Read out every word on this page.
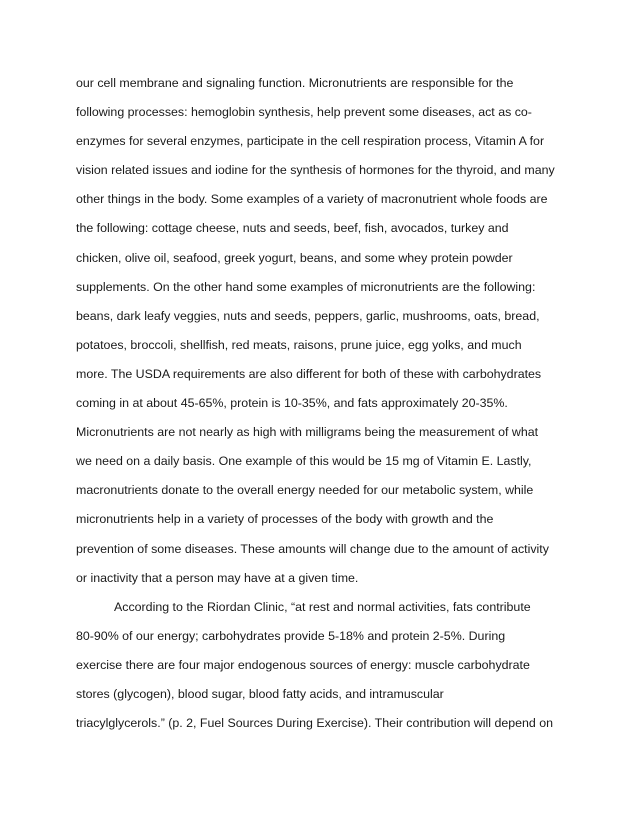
our cell membrane and signaling function. Micronutrients are responsible for the
following processes: hemoglobin synthesis, help prevent some diseases, act as co-
enzymes for several enzymes, participate in the cell respiration process, Vitamin A for
vision related issues and iodine for the synthesis of hormones for the thyroid, and many
other things in the body. Some examples of a variety of macronutrient whole foods are
the following: cottage cheese, nuts and seeds, beef, fish, avocados, turkey and
chicken, olive oil, seafood, greek yogurt, beans, and some whey protein powder
supplements. On the other hand some examples of micronutrients are the following:
beans, dark leafy veggies, nuts and seeds, peppers, garlic, mushrooms, oats, bread,
potatoes, broccoli, shellfish, red meats, raisons, prune juice, egg yolks, and much
more. The USDA requirements are also different for both of these with carbohydrates
coming in at about 45-65%, protein is 10-35%, and fats approximately 20-35%.
Micronutrients are not nearly as high with milligrams being the measurement of what
we need on a daily basis. One example of this would be 15 mg of Vitamin E. Lastly,
macronutrients donate to the overall energy needed for our metabolic system, while
micronutrients help in a variety of processes of the body with growth and the
prevention of some diseases. These amounts will change due to the amount of activity
or inactivity that a person may have at a given time.
According to the Riordan Clinic, “at rest and normal activities, fats contribute
80-90% of our energy; carbohydrates provide 5-18% and protein 2-5%. During
exercise there are four major endogenous sources of energy: muscle carbohydrate
stores (glycogen), blood sugar, blood fatty acids, and intramuscular
triacylglycerols.” (p. 2, Fuel Sources During Exercise). Their contribution will depend on
